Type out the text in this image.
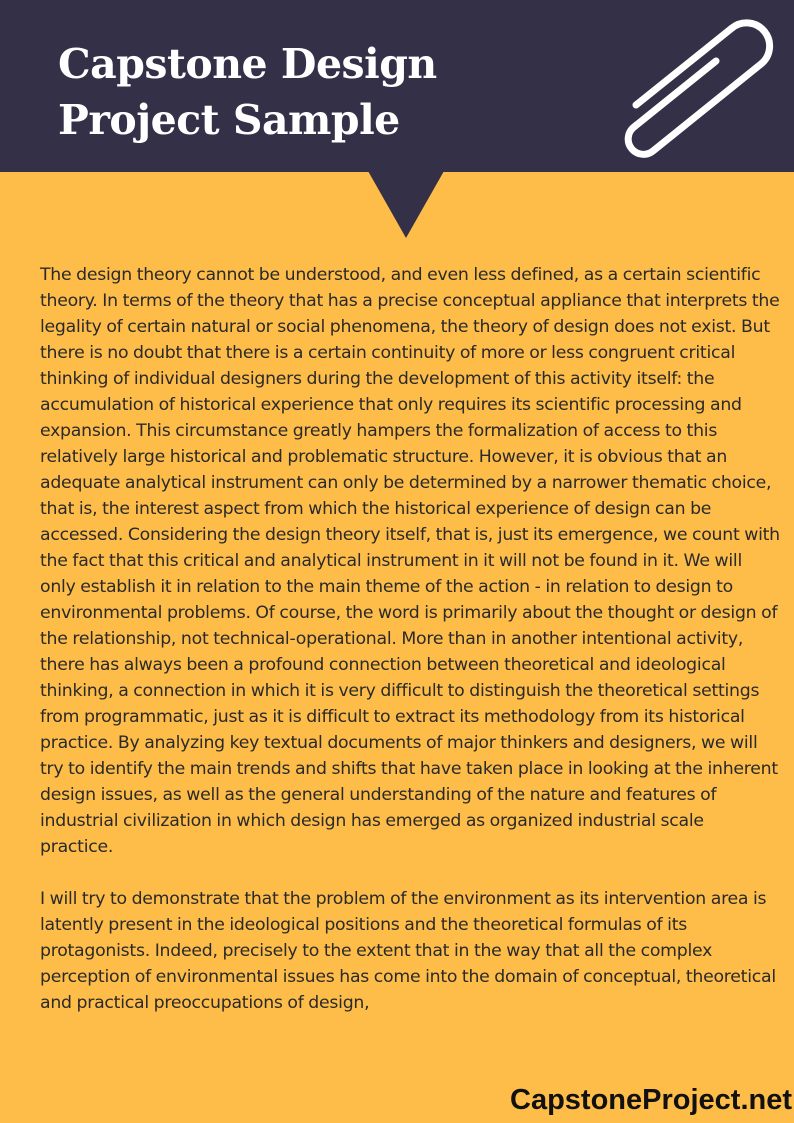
Capstone Design Project Sample

The design theory cannot be understood, and even less defined, as a certain scientific theory. In terms of the theory that has a precise conceptual appliance that interprets the legality of certain natural or social phenomena, the theory of design does not exist. But there is no doubt that there is a certain continuity of more or less congruent critical thinking of individual designers during the development of this activity itself: the accumulation of historical experience that only requires its scientific processing and expansion. This circumstance greatly hampers the formalization of access to this relatively large historical and problematic structure. However, it is obvious that an adequate analytical instrument can only be determined by a narrower thematic choice, that is, the interest aspect from which the historical experience of design can be accessed. Considering the design theory itself, that is, just its emergence, we count with the fact that this critical and analytical instrument in it will not be found in it. We will only establish it in relation to the main theme of the action - in relation to design to environmental problems. Of course, the word is primarily about the thought or design of the relationship, not technical-operational. More than in another intentional activity, there has always been a profound connection between theoretical and ideological thinking, a connection in which it is very difficult to distinguish the theoretical settings from programmatic, just as it is difficult to extract its methodology from its historical practice. By analyzing key textual documents of major thinkers and designers, we will try to identify the main trends and shifts that have taken place in looking at the inherent design issues, as well as the general understanding of the nature and features of industrial civilization in which design has emerged as organized industrial scale practice.

I will try to demonstrate that the problem of the environment as its intervention area is latently present in the ideological positions and the theoretical formulas of its protagonists. Indeed, precisely to the extent that in the way that all the complex perception of environmental issues has come into the domain of conceptual, theoretical and practical preoccupations of design,

CapstoneProject.net
